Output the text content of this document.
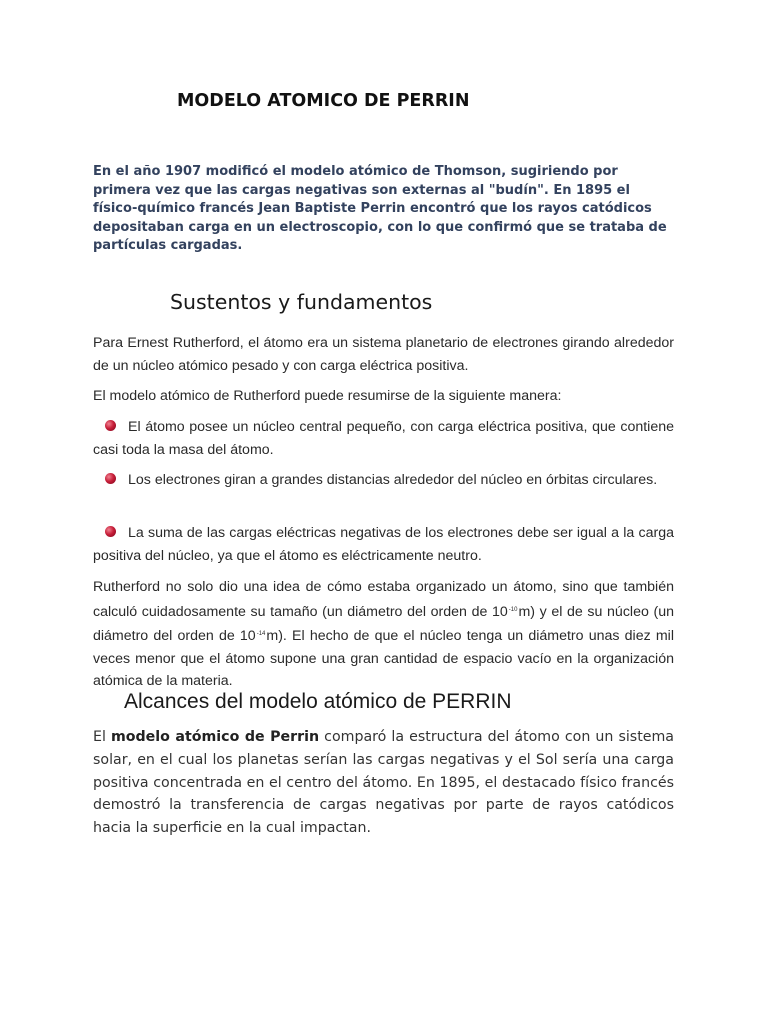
MODELO ATOMICO DE PERRIN

En el año 1907 modificó el modelo atómico de Thomson, sugiriendo por primera vez que las cargas negativas son externas al "budín". En 1895 el físico-químico francés Jean Baptiste Perrin encontró que los rayos catódicos depositaban carga en un electroscopio, con lo que confirmó que se trataba de partículas cargadas.

Sustentos y fundamentos

Para Ernest Rutherford, el átomo era un sistema planetario de electrones girando alrededor de un núcleo atómico pesado y con carga eléctrica positiva.

El modelo atómico de Rutherford puede resumirse de la siguiente manera:

El átomo posee un núcleo central pequeño, con carga eléctrica positiva, que contiene casi toda la masa del átomo.
Los electrones giran a grandes distancias alrededor del núcleo en órbitas circulares.
La suma de las cargas eléctricas negativas de los electrones debe ser igual a la carga positiva del núcleo, ya que el átomo es eléctricamente neutro.

Rutherford no solo dio una idea de cómo estaba organizado un átomo, sino que también calculó cuidadosamente su tamaño (un diámetro del orden de $10^{-10}m$) y el de su núcleo (un diámetro del orden de $10^{-14}m$). El hecho de que el núcleo tenga un diámetro unas diez mil veces menor que el átomo supone una gran cantidad de espacio vacío en la organización atómica de la materia.

Alcances del modelo atómico de PERRIN

El modelo atómico de Perrin comparó la estructura del átomo con un sistema solar, en el cual los planetas serían las cargas negativas y el Sol sería una carga positiva concentrada en el centro del átomo. En 1895, el destacado físico francés demostró la transferencia de cargas negativas por parte de rayos catódicos hacia la superficie en la cual impactan.
